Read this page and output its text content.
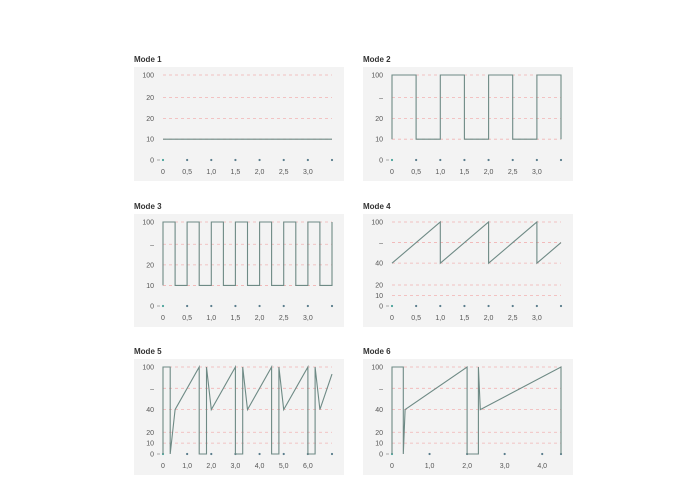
Mode 1
0
10
20
20
100
0 0,5 1,0 1,5 2,0 2,5 3,0
Mode 2
0
10
20
–
100
0 0,5 1,0 1,5 2,0 2,5 3,0
Mode 3
0
10
20
–
100
0 0,5 1,0 1,5 2,0 2,5 3,0
Mode 4
0
10
20
40
–
100
0 0,5 1,0 1,5 2,0 2,5 3,0
Mode 5
0
10
20
40
–
100
0 1,0 2,0 3,0 4,0 5,0 6,0
Mode 6
0
10
20
40
–
100
0	1,0	2,0	3,0	4,0
